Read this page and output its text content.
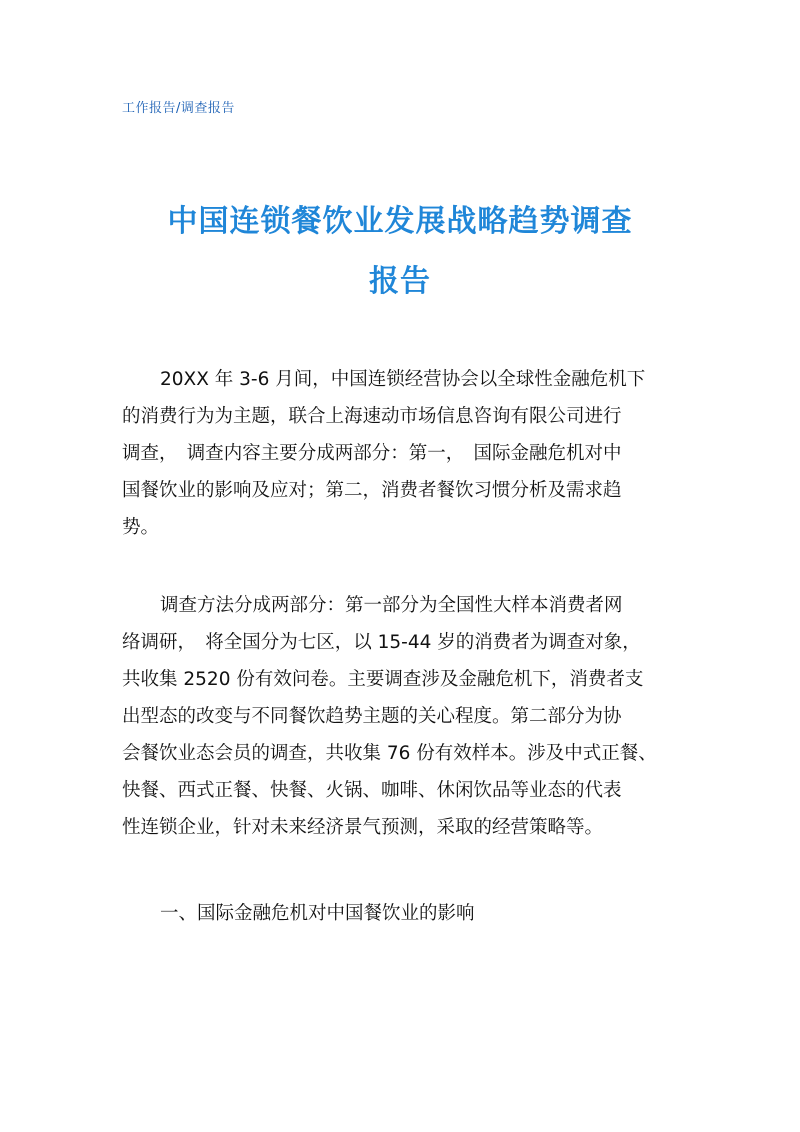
工作报告/调查报告
中国连锁餐饮业发展战略趋势调查
报告
20XX 年 3-6 月间，中国连锁经营协会以全球性金融危机下
的消费行为为主题，联合上海速动市场信息咨询有限公司进行
调查，　调查内容主要分成两部分：第一，　国际金融危机对中
国餐饮业的影响及应对；第二，消费者餐饮习惯分析及需求趋
势。
调查方法分成两部分：第一部分为全国性大样本消费者网
络调研，　将全国分为七区，以 15-44 岁的消费者为调查对象，
共收集 2520 份有效问卷。主要调查涉及金融危机下，消费者支
出型态的改变与不同餐饮趋势主题的关心程度。第二部分为协
会餐饮业态会员的调查，共收集 76 份有效样本。涉及中式正餐、
快餐、西式正餐、快餐、火锅、咖啡、休闲饮品等业态的代表
性连锁企业，针对未来经济景气预测，采取的经营策略等。
一、国际金融危机对中国餐饮业的影响
